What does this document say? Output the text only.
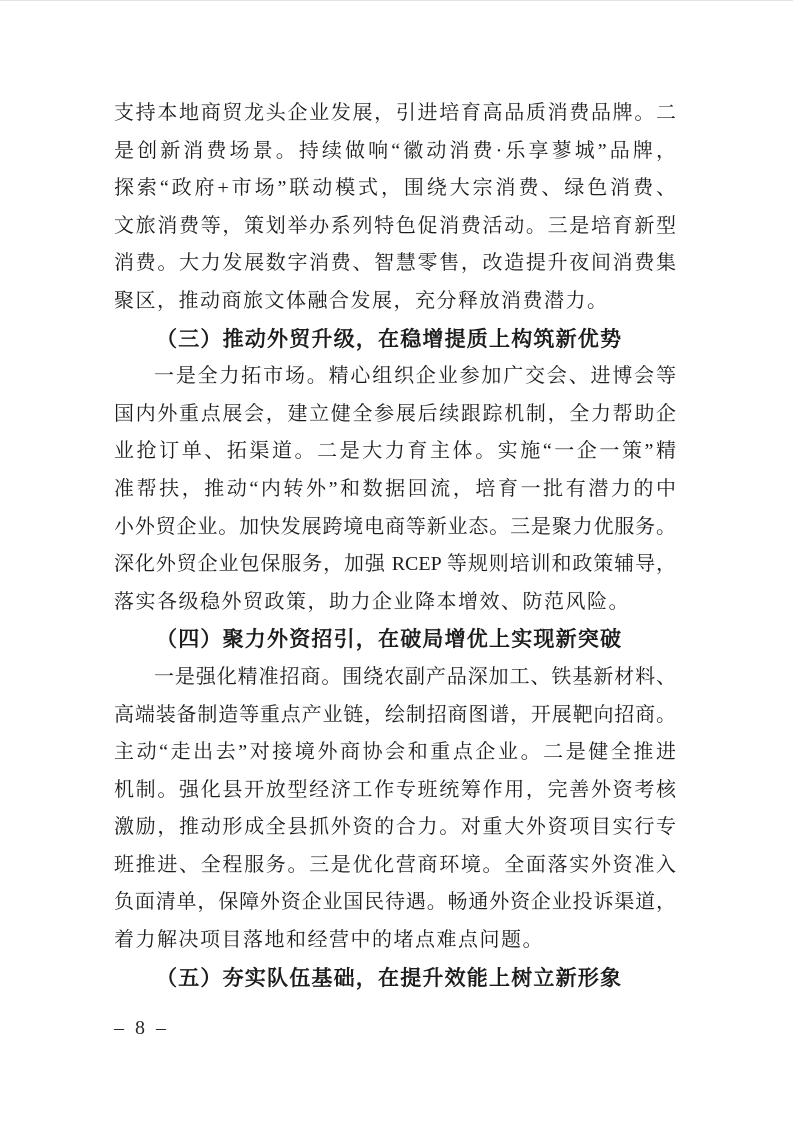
支持本地商贸龙头企业发展，引进培育高品质消费品牌。二
是创新消费场景。持续做响“徽动消费·乐享蓼城”品牌，
探索“政府+市场”联动模式，围绕大宗消费、绿色消费、
文旅消费等，策划举办系列特色促消费活动。三是培育新型
消费。大力发展数字消费、智慧零售，改造提升夜间消费集
聚区，推动商旅文体融合发展，充分释放消费潜力。
（三）推动外贸升级，在稳增提质上构筑新优势
一是全力拓市场。精心组织企业参加广交会、进博会等
国内外重点展会，建立健全参展后续跟踪机制，全力帮助企
业抢订单、拓渠道。二是大力育主体。实施“一企一策”精
准帮扶，推动“内转外”和数据回流，培育一批有潜力的中
小外贸企业。加快发展跨境电商等新业态。三是聚力优服务。
深化外贸企业包保服务，加强 RCEP 等规则培训和政策辅导，
落实各级稳外贸政策，助力企业降本增效、防范风险。
（四）聚力外资招引，在破局增优上实现新突破
一是强化精准招商。围绕农副产品深加工、铁基新材料、
高端装备制造等重点产业链，绘制招商图谱，开展靶向招商。
主动“走出去”对接境外商协会和重点企业。二是健全推进
机制。强化县开放型经济工作专班统筹作用，完善外资考核
激励，推动形成全县抓外资的合力。对重大外资项目实行专
班推进、全程服务。三是优化营商环境。全面落实外资准入
负面清单，保障外资企业国民待遇。畅通外资企业投诉渠道，
着力解决项目落地和经营中的堵点难点问题。
（五）夯实队伍基础，在提升效能上树立新形象
– 8 –
